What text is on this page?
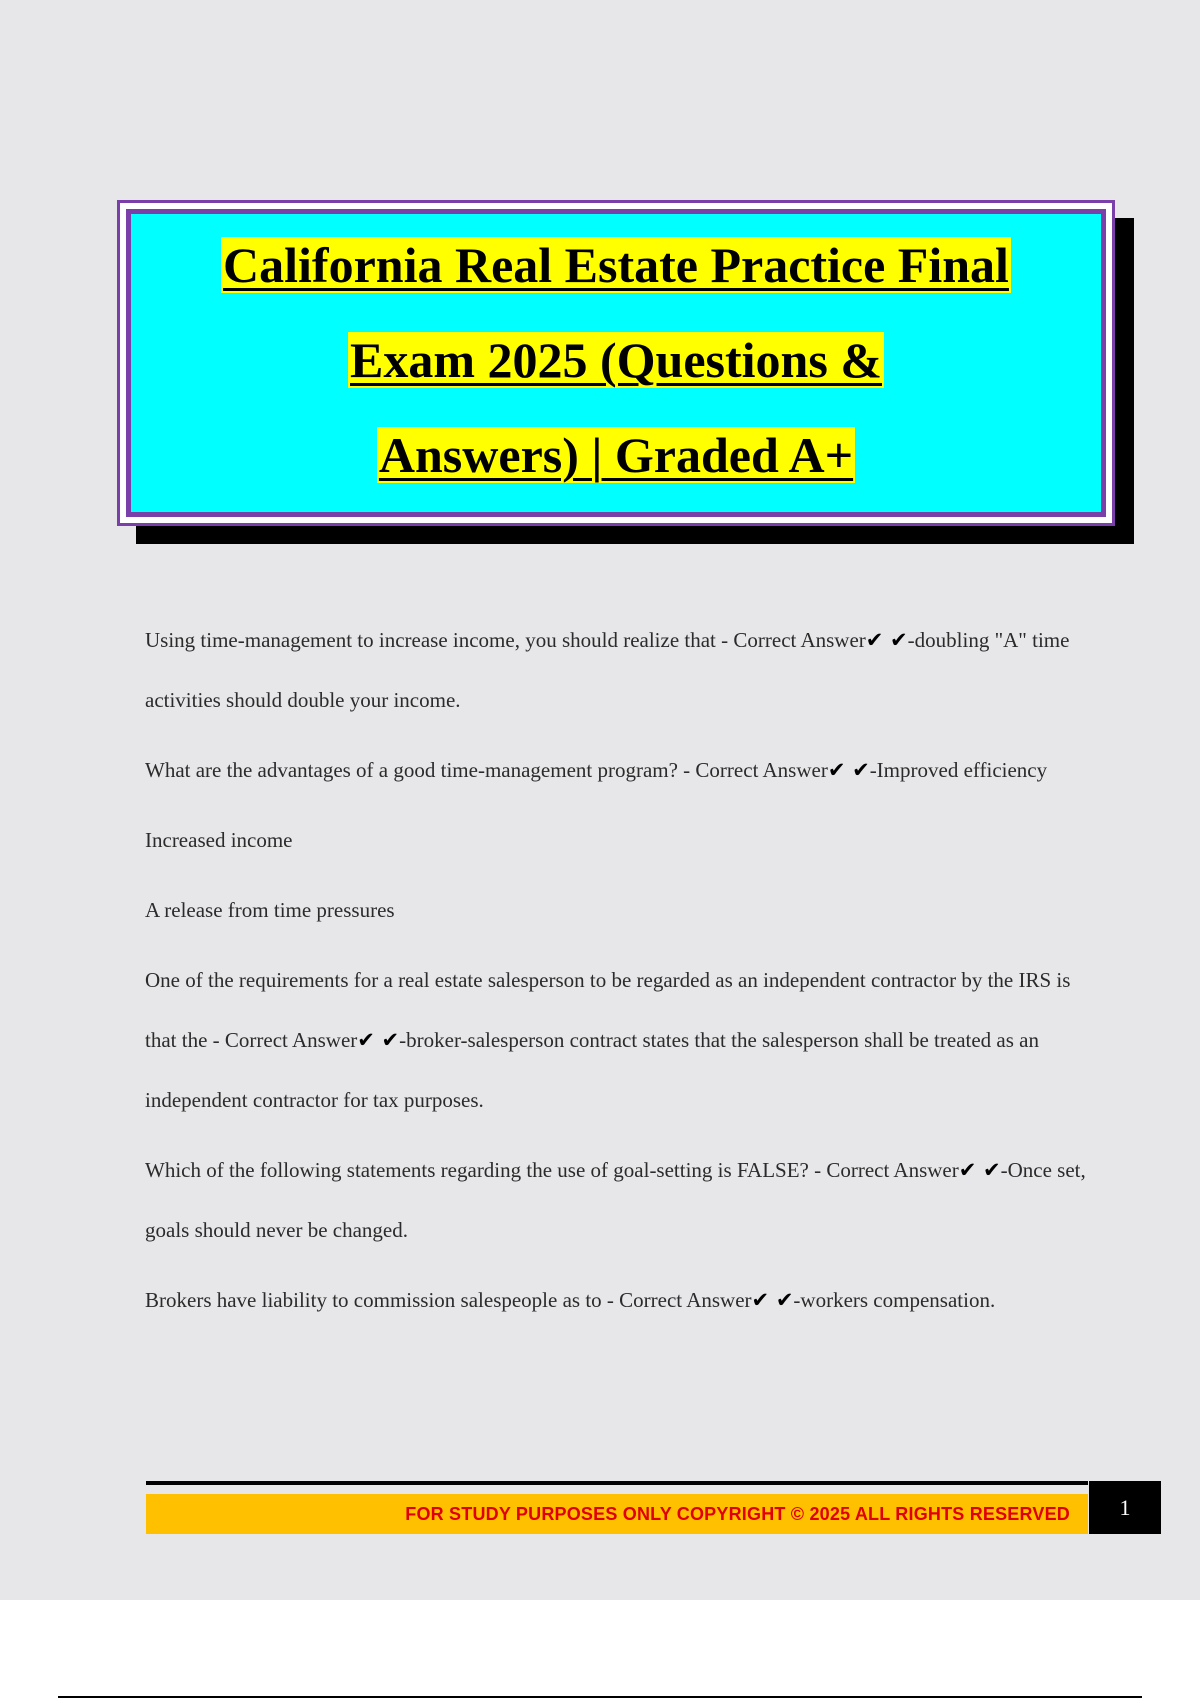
California Real Estate Practice Final
Exam 2025 (Questions &
Answers) | Graded A+

Using time-management to increase income, you should realize that - Correct Answer✔ ✔-doubling "A" time activities should double your income.

What are the advantages of a good time-management program? - Correct Answer✔ ✔-Improved efficiency

Increased income

A release from time pressures

One of the requirements for a real estate salesperson to be regarded as an independent contractor by the IRS is that the - Correct Answer✔ ✔-broker-salesperson contract states that the salesperson shall be treated as an independent contractor for tax purposes.

Which of the following statements regarding the use of goal-setting is FALSE? - Correct Answer✔ ✔-Once set, goals should never be changed.

Brokers have liability to commission salespeople as to - Correct Answer✔ ✔-workers compensation.

FOR STUDY PURPOSES ONLY COPYRIGHT © 2025 ALL RIGHTS RESERVED 1
